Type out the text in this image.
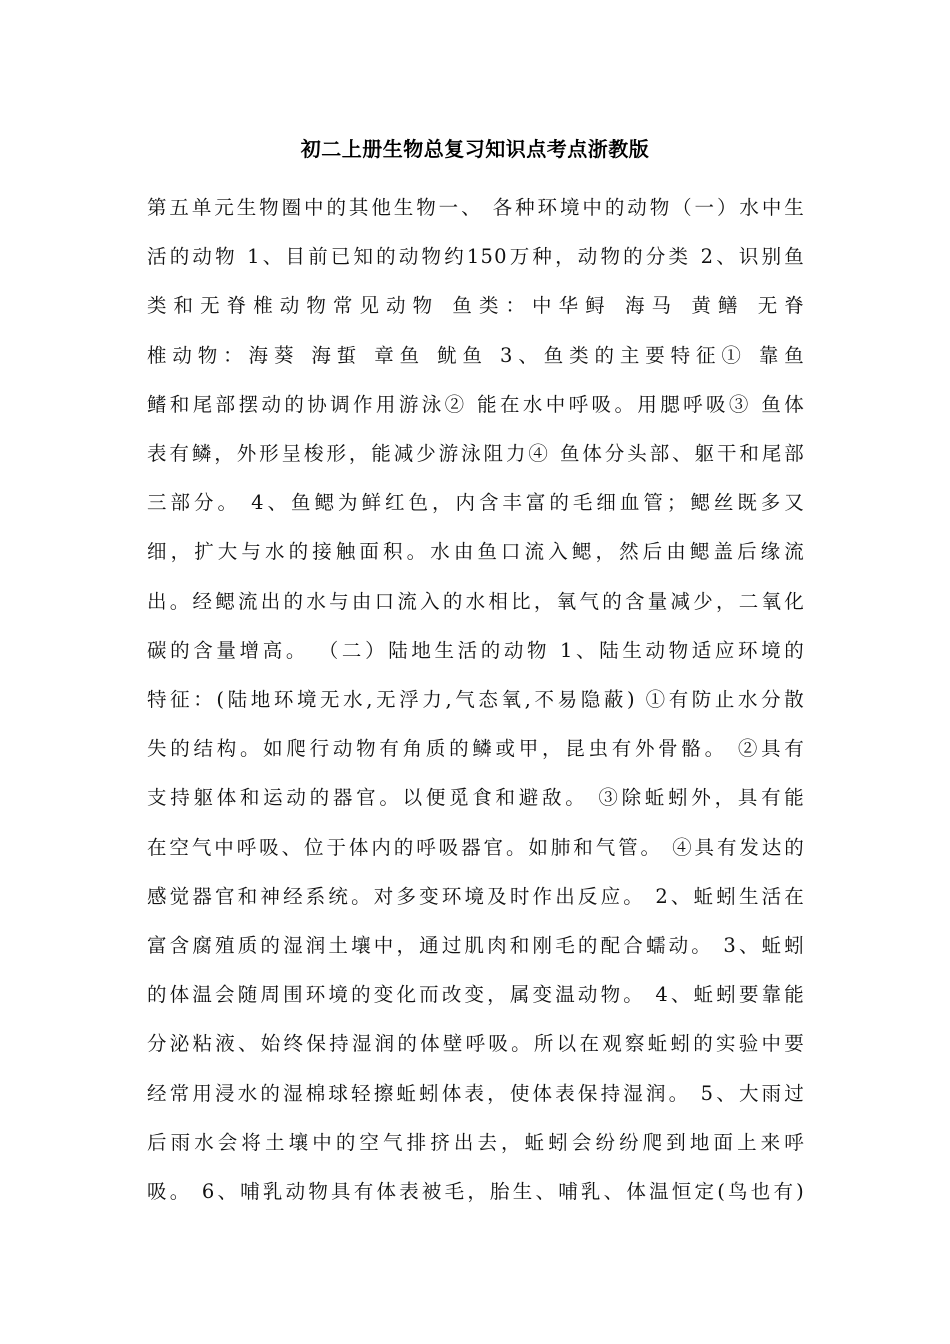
初二上册生物总复习知识点考点浙教版
第五单元生物圈中的其他生物一、 各种环境中的动物（一）水中生
活的动物 1、目前已知的动物约150万种，动物的分类 2、识别鱼
类和无脊椎动物常见动物 鱼类：中华鲟 海马 黄鳝 无脊
椎动物：海葵 海蜇 章鱼 鱿鱼 3、鱼类的主要特征① 靠鱼
鳍和尾部摆动的协调作用游泳② 能在水中呼吸。用腮呼吸③ 鱼体
表有鳞，外形呈梭形，能减少游泳阻力④ 鱼体分头部、躯干和尾部
三部分。 4、鱼鳃为鲜红色，内含丰富的毛细血管；鳃丝既多又
细，扩大与水的接触面积。水由鱼口流入鳃，然后由鳃盖后缘流
出。经鳃流出的水与由口流入的水相比，氧气的含量减少，二氧化
碳的含量增高。 （二）陆地生活的动物 1、陆生动物适应环境的
特征：(陆地环境无水,无浮力,气态氧,不易隐蔽) ①有防止水分散
失的结构。如爬行动物有角质的鳞或甲，昆虫有外骨骼。 ②具有
支持躯体和运动的器官。以便觅食和避敌。 ③除蚯蚓外，具有能
在空气中呼吸、位于体内的呼吸器官。如肺和气管。 ④具有发达的
感觉器官和神经系统。对多变环境及时作出反应。 2、蚯蚓生活在
富含腐殖质的湿润土壤中，通过肌肉和刚毛的配合蠕动。 3、蚯蚓
的体温会随周围环境的变化而改变，属变温动物。 4、蚯蚓要靠能
分泌粘液、始终保持湿润的体壁呼吸。所以在观察蚯蚓的实验中要
经常用浸水的湿棉球轻擦蚯蚓体表，使体表保持湿润。 5、大雨过
后雨水会将土壤中的空气排挤出去，蚯蚓会纷纷爬到地面上来呼
吸。 6、哺乳动物具有体表被毛，胎生、哺乳、体温恒定(鸟也有)
